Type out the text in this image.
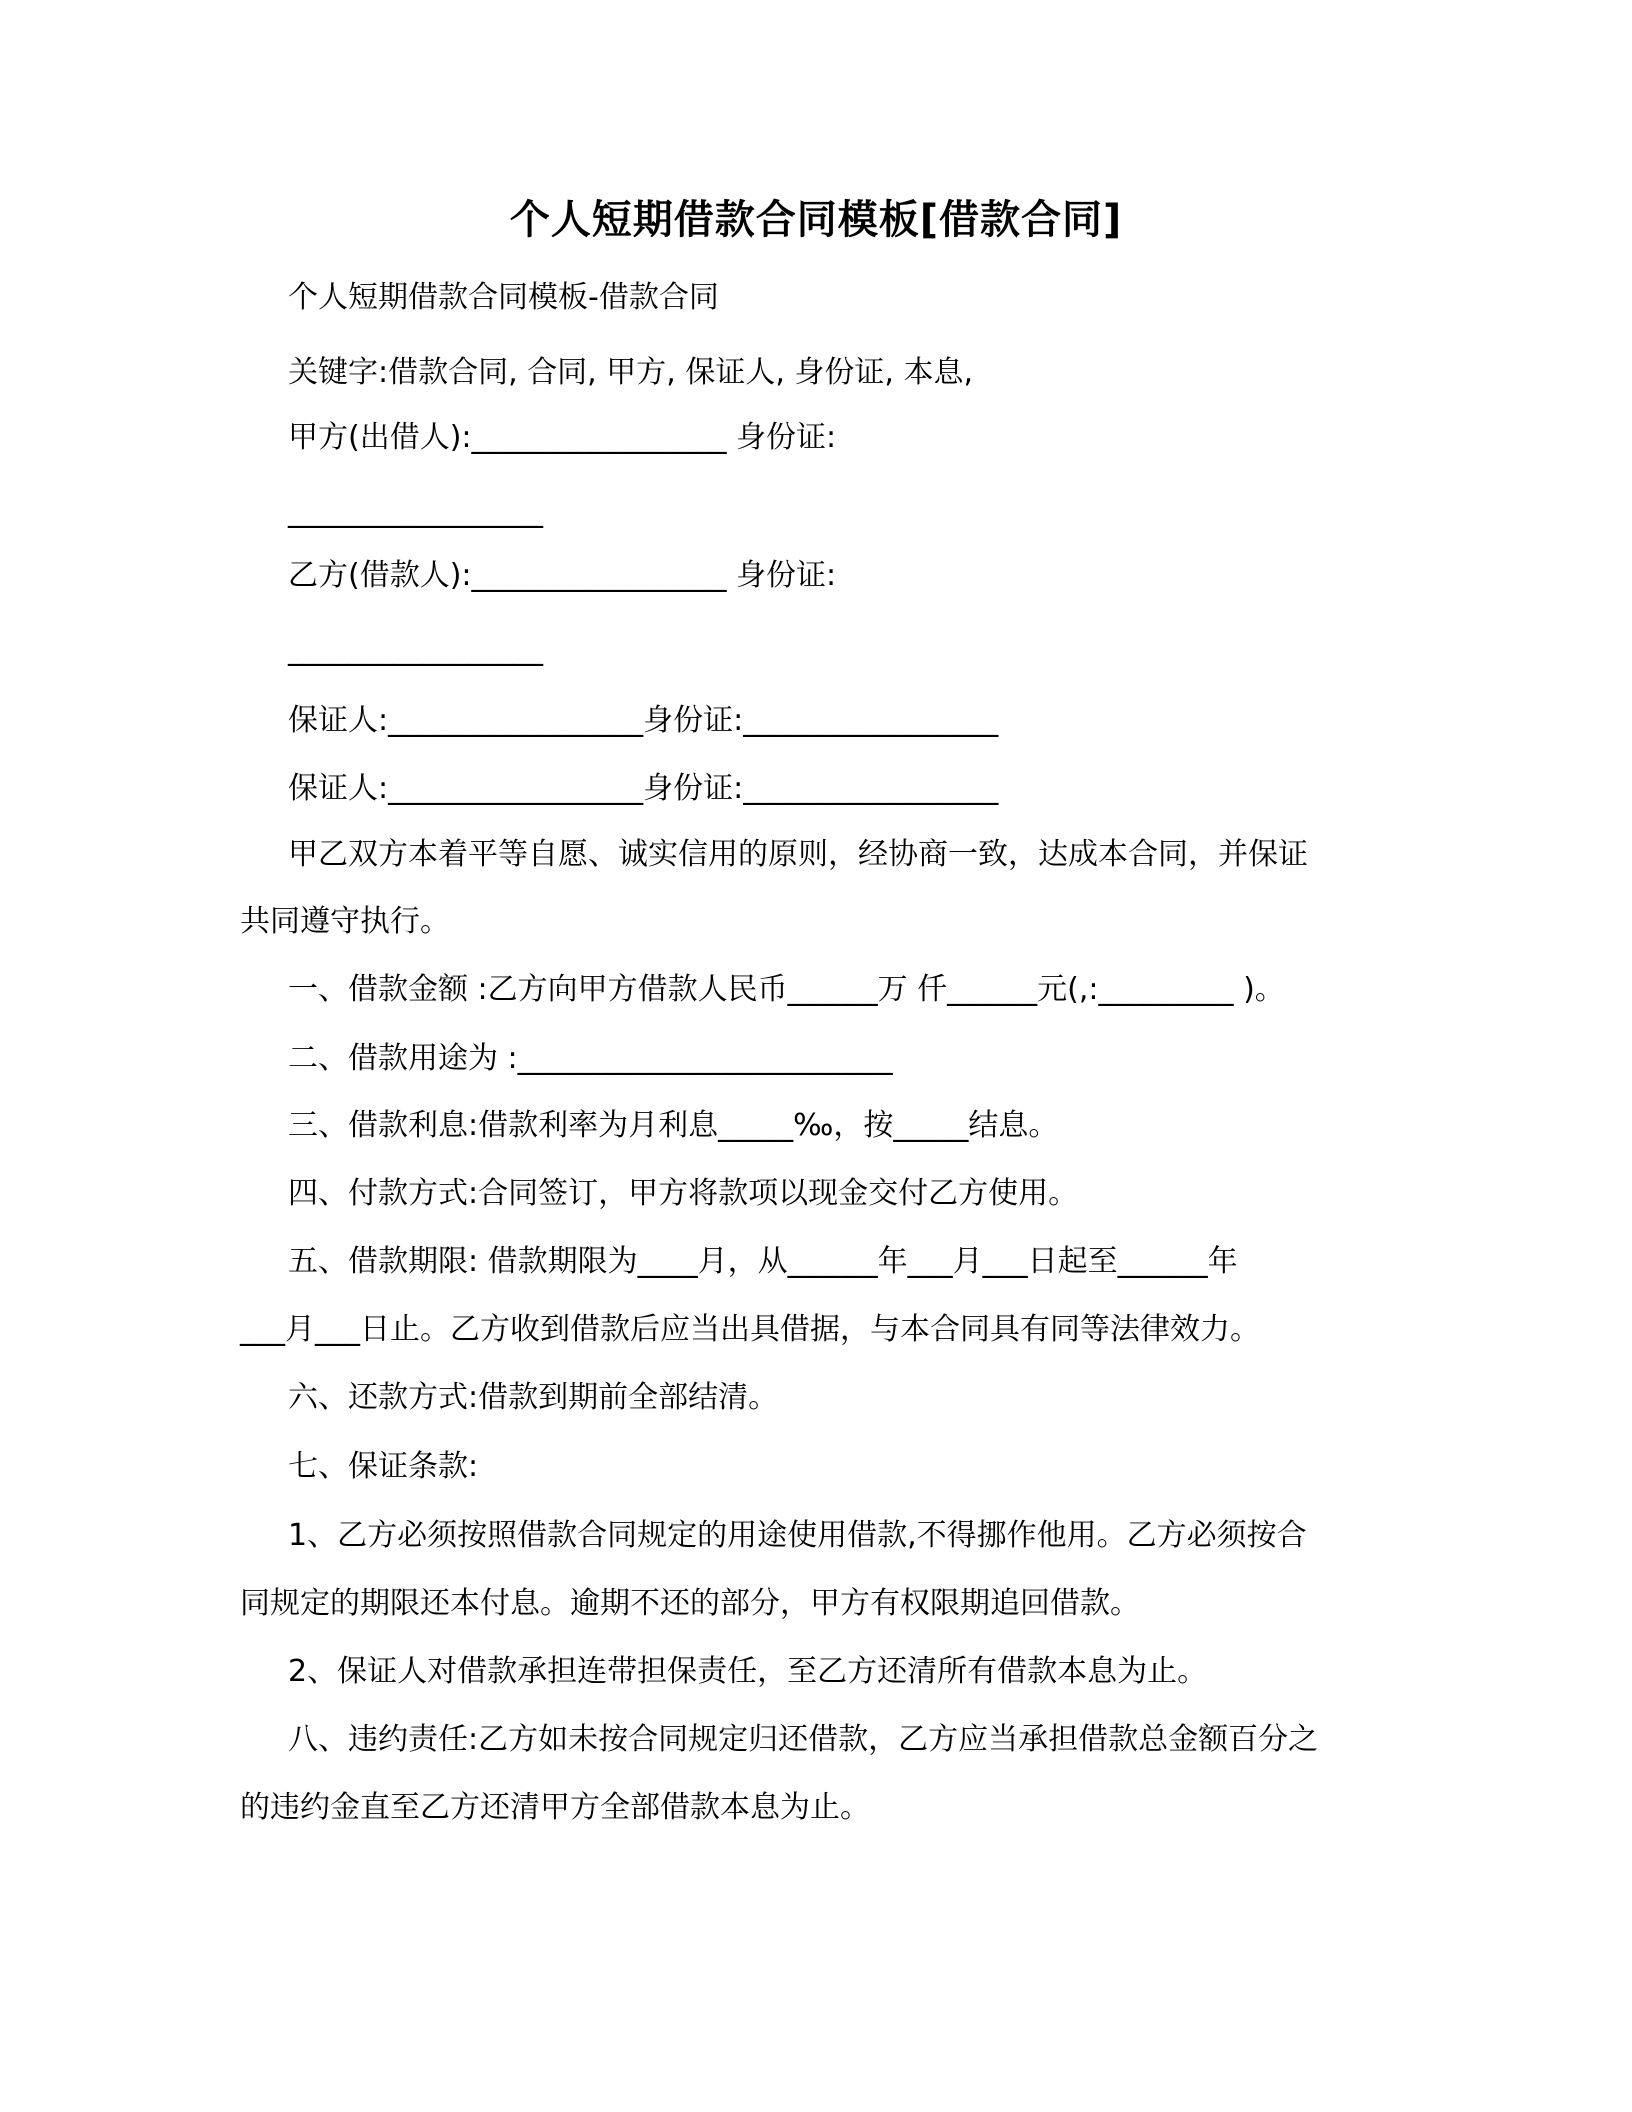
个人短期借款合同模板[借款合同]
个人短期借款合同模板-借款合同
关键字:借款合同, 合同, 甲方, 保证人, 身份证, 本息,
甲方(出借人):_________________ 身份证:
_________________
乙方(借款人):_________________ 身份证:
_________________
保证人:_________________身份证:_________________
保证人:_________________身份证:_________________
甲乙双方本着平等自愿、诚实信用的原则，经协商一致，达成本合同，并保证
共同遵守执行。
一、借款金额 :乙方向甲方借款人民币______万 仟______元(,:_________ )。
二、借款用途为 :_________________________
三、借款利息:借款利率为月利息_____‰，按_____结息。
四、付款方式:合同签订，甲方将款项以现金交付乙方使用。
五、借款期限: 借款期限为____月，从______年___月___日起至______年
___月___日止。乙方收到借款后应当出具借据，与本合同具有同等法律效力。
六、还款方式:借款到期前全部结清。
七、保证条款:
1、乙方必须按照借款合同规定的用途使用借款,不得挪作他用。乙方必须按合
同规定的期限还本付息。逾期不还的部分，甲方有权限期追回借款。
2、保证人对借款承担连带担保责任，至乙方还清所有借款本息为止。
八、违约责任:乙方如未按合同规定归还借款，乙方应当承担借款总金额百分之
的违约金直至乙方还清甲方全部借款本息为止。
